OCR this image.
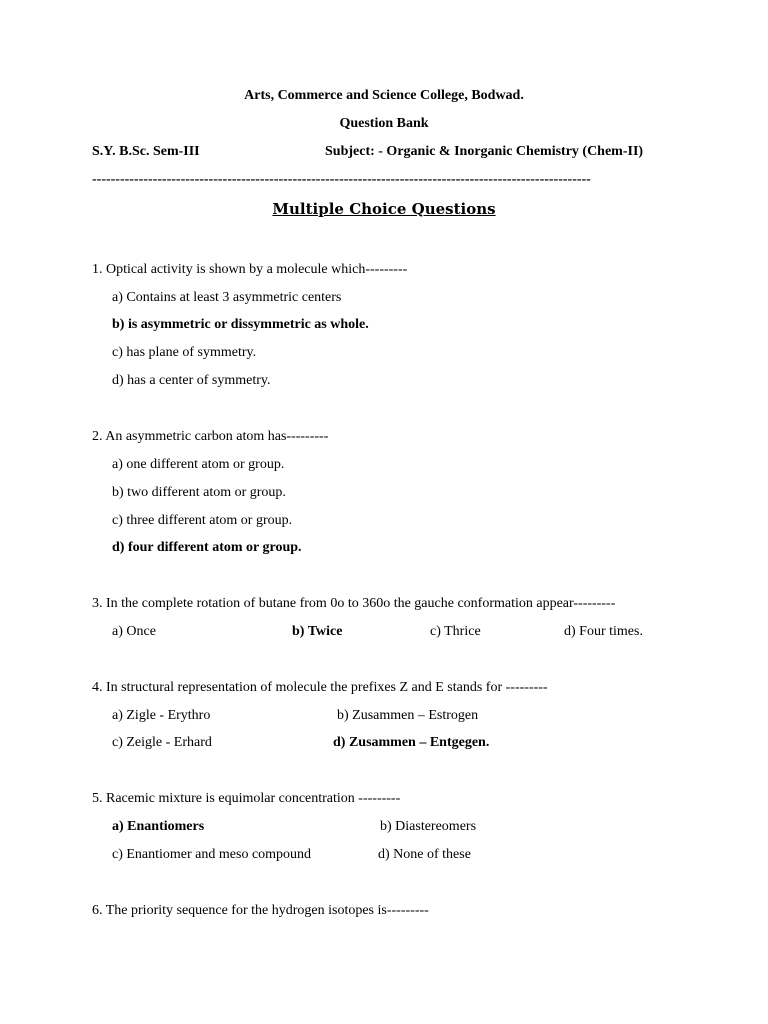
Arts, Commerce and Science College, Bodwad.
Question Bank
S.Y. B.Sc. Sem-III	Subject: - Organic & Inorganic Chemistry (Chem-II)
-----------------------------------------------------------------------------------------------------------
Multiple Choice Questions
1. Optical activity is shown by a molecule which---------
a) Contains at least 3 asymmetric centers
b) is asymmetric or dissymmetric as whole.
c) has plane of symmetry.
d) has a center of symmetry.
2. An asymmetric carbon atom has---------
a) one different atom or group.
b) two different atom or group.
c) three different atom or group.
d) four different atom or group.
3. In the complete rotation of butane from 0o to 360o the gauche conformation appear---------
a) Once	b) Twice	c) Thrice	d) Four times.
4. In structural representation of molecule the prefixes Z and E stands for ---------
a) Zigle - Erythro	b) Zusammen – Estrogen
c) Zeigle - Erhard	d) Zusammen – Entgegen.
5. Racemic mixture is equimolar concentration ---------
a) Enantiomers	b) Diastereomers
c) Enantiomer and meso compound	d) None of these
6. The priority sequence for the hydrogen isotopes is---------
